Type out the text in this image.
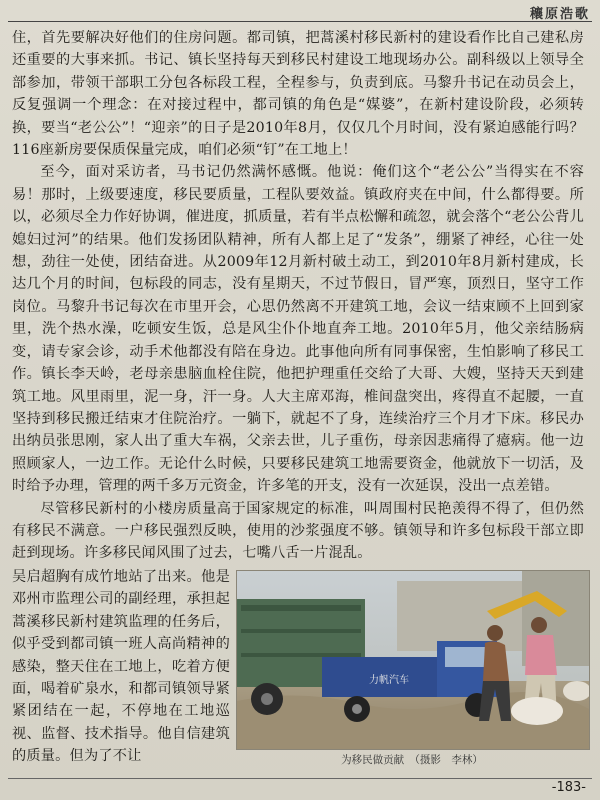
穰原浩歌

住，首先要解决好他们的住房问题。都司镇，把蒿溪村移民新村的建设看作比自己建私房还重要的大事来抓。书记、镇长坚持每天到移民村建设工地现场办公。副科级以上领导全部参加，带领干部职工分包各标段工程，全程参与，负责到底。马黎升书记在动员会上，反复强调一个理念：在对接过程中，都司镇的角色是“媒婆”，在新村建设阶段，必须转换，要当“老公公”！“迎亲”的日子是2010年8月，仅仅几个月时间，没有紧迫感能行吗？116座新房要保质保量完成，咱们必须“钉”在工地上！

至今，面对采访者，马书记仍然满怀感慨。他说：俺们这个“老公公”当得实在不容易！那时，上级要速度，移民要质量，工程队要效益。镇政府夹在中间，什么都得要。所以，必须尽全力作好协调，催进度，抓质量，若有半点松懈和疏忽，就会落个“老公公背儿媳妇过河”的结果。他们发扬团队精神，所有人都上足了“发条”，绷紧了神经，心往一处想，劲往一处使，团结奋进。从2009年12月新村破土动工，到2010年8月新村建成，长达几个月的时间，包标段的同志，没有星期天，不过节假日，冒严寒，顶烈日，坚守工作岗位。马黎升书记每次在市里开会，心思仍然离不开建筑工地，会议一结束顾不上回到家里，洗个热水澡，吃顿安生饭，总是风尘仆仆地直奔工地。2010年5月，他父亲结肠病变，请专家会诊，动手术他都没有陪在身边。此事他向所有同事保密，生怕影响了移民工作。镇长李天岭，老母亲患脑血栓住院，他把护理重任交给了大哥、大嫂，坚持天天到建筑工地。风里雨里，泥一身，汗一身。人大主席邓海，椎间盘突出，疼得直不起腰，一直坚持到移民搬迁结束才住院治疗。一躺下，就起不了身，连续治疗三个月才下床。移民办出纳员张思刚，家人出了重大车祸，父亲去世，儿子重伤，母亲因悲痛得了癔病。他一边照顾家人，一边工作。无论什么时候，只要移民建筑工地需要资金，他就放下一切活，及时给予办理，管理的两千多万元资金，许多笔的开支，没有一次延误，没出一点差错。

尽管移民新村的小楼房质量高于国家规定的标准，叫周围村民艳羡得不得了，但仍然有移民不满意。一户移民强烈反映，使用的沙浆强度不够。镇领导和许多包标段干部立即赶到现场。许多移民闻风围了过去，七嘴八舌一片混乱。

吴启超胸有成竹地站了出来。他是邓州市监理公司的副经理，承担起蒿溪移民新村建筑监理的任务后，似乎受到都司镇一班人高尚精神的感染，整天住在工地上，吃着方便面，喝着矿泉水，和都司镇领导紧紧团结在一起，不停地在工地巡视、监督、技术指导。他自信建筑的质量。但为了不让
力帆汽车
为移民做贡献　（摄影　李林）
-183-
